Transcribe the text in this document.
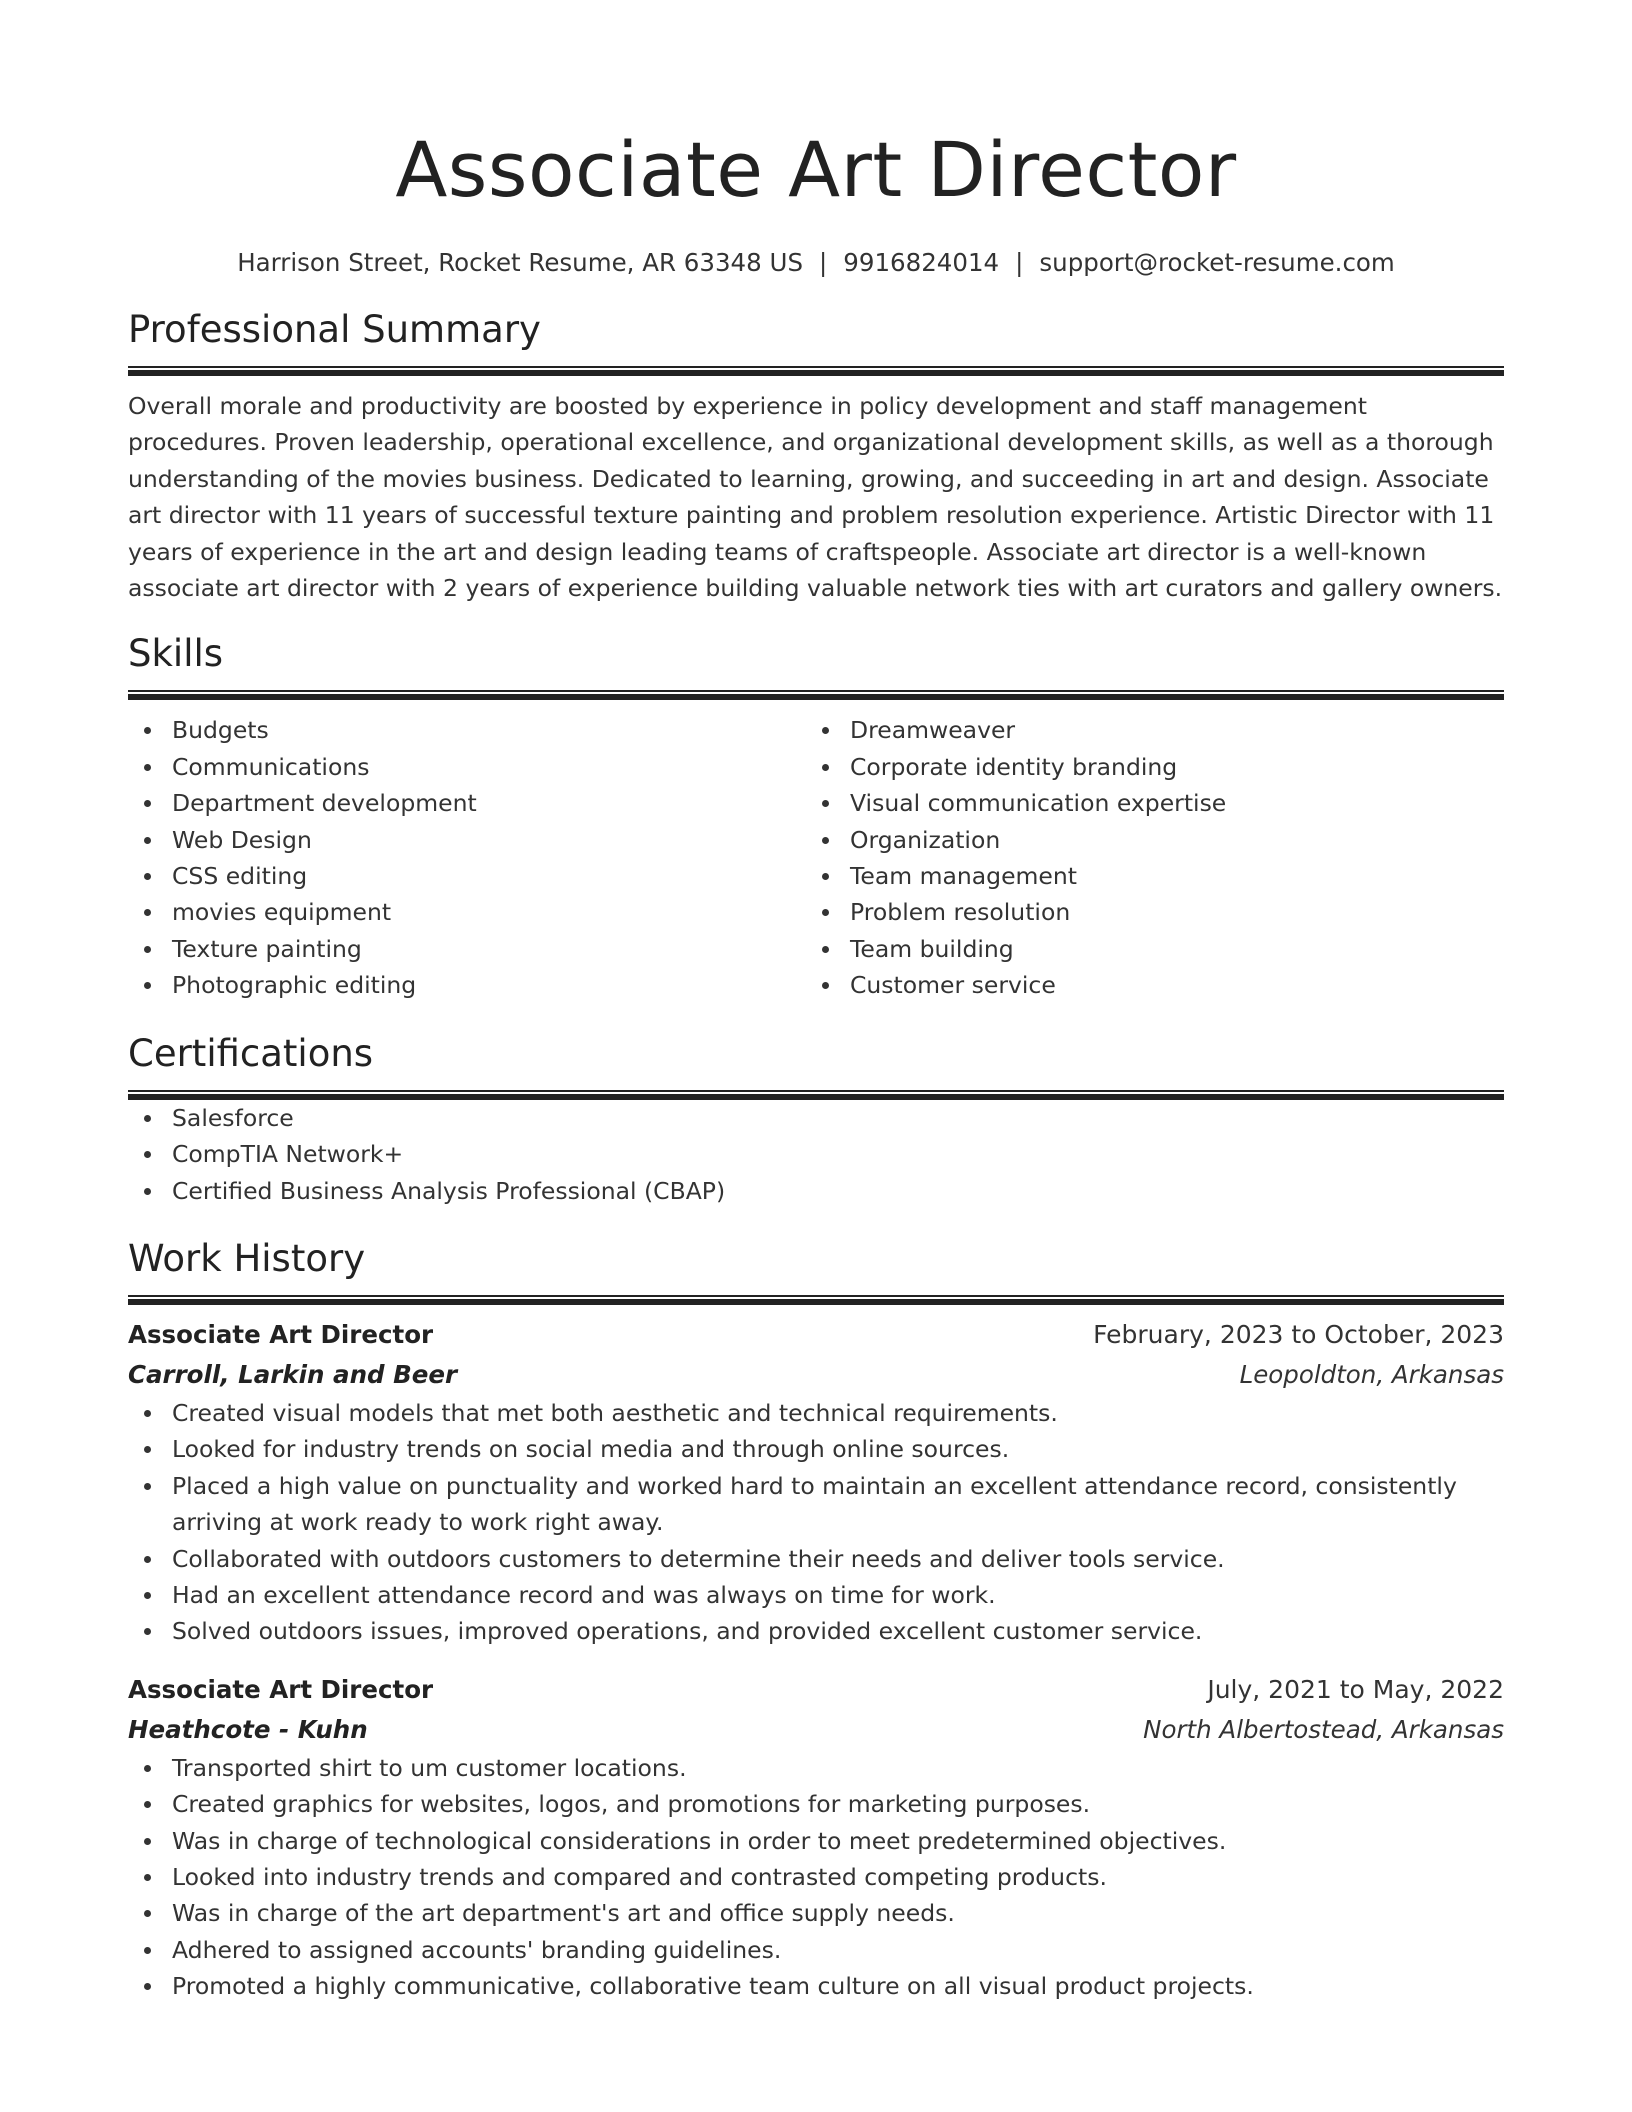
Associate Art Director
Harrison Street, Rocket Resume, AR 63348 US | 9916824014 | support@rocket-resume.com
Professional Summary

Overall morale and productivity are boosted by experience in policy development and staff management procedures. Proven leadership, operational excellence, and organizational development skills, as well as a thorough understanding of the movies business. Dedicated to learning, growing, and succeeding in art and design. Associate art director with 11 years of successful texture painting and problem resolution experience. Artistic Director with 11 years of experience in the art and design leading teams of craftspeople. Associate art director is a well-known associate art director with 2 years of experience building valuable network ties with art curators and gallery owners.

Skills
Budgets
Communications
Department development
Web Design
CSS editing
movies equipment
Texture painting
Photographic editing
Dreamweaver
Corporate identity branding
Visual communication expertise
Organization
Team management
Problem resolution
Team building
Customer service
Certifications
Salesforce
CompTIA Network+
Certified Business Analysis Professional (CBAP)
Work History
Associate Art Director	February, 2023 to October, 2023
Carroll, Larkin and Beer	Leopoldton, Arkansas
Created visual models that met both aesthetic and technical requirements.
Looked for industry trends on social media and through online sources.
Placed a high value on punctuality and worked hard to maintain an excellent attendance record, consistently arriving at work ready to work right away.
Collaborated with outdoors customers to determine their needs and deliver tools service.
Had an excellent attendance record and was always on time for work.
Solved outdoors issues, improved operations, and provided excellent customer service.
Associate Art Director	July, 2021 to May, 2022
Heathcote - Kuhn	North Albertostead, Arkansas
Transported shirt to um customer locations.
Created graphics for websites, logos, and promotions for marketing purposes.
Was in charge of technological considerations in order to meet predetermined objectives.
Looked into industry trends and compared and contrasted competing products.
Was in charge of the art department's art and office supply needs.
Adhered to assigned accounts' branding guidelines.
Promoted a highly communicative, collaborative team culture on all visual product projects.
